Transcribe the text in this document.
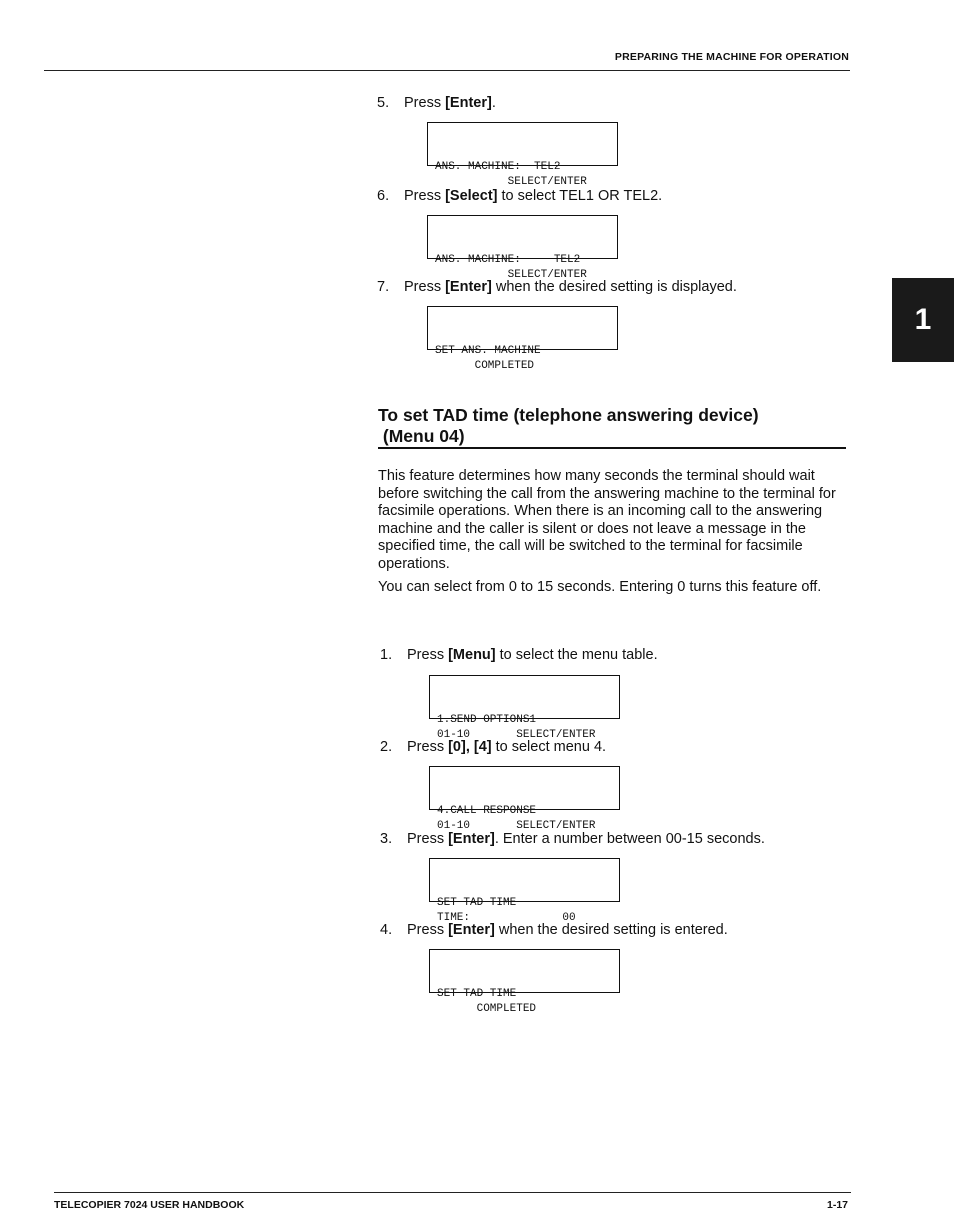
PREPARING THE MACHINE FOR OPERATION
1
5. Press [Enter].

ANS. MACHINE:  TEL2
SELECT/ENTER

6. Press [Select] to select TEL1 OR TEL2.

ANS. MACHINE:     TEL2
SELECT/ENTER

7. Press [Enter] when the desired setting is displayed.

SET ANS. MACHINE
COMPLETED

To set TAD time (telephone answering device)
(Menu 04)

This feature determines how many seconds the terminal should wait before switching the call from the answering machine to the terminal for facsimile operations. When there is an incoming call to the answering machine and the caller is silent or does not leave a message in the specified time, the call will be switched to the terminal for facsimile operations.

You can select from 0 to 15 seconds. Entering 0 turns this feature off.

1. Press [Menu] to select the menu table.

1.SEND OPTIONS1
01-10       SELECT/ENTER

2. Press [0], [4] to select menu 4.

4.CALL RESPONSE
01-10       SELECT/ENTER

3. Press [Enter]. Enter a number between 00-15 seconds.

SET TAD TIME
TIME:              00

4. Press [Enter] when the desired setting is entered.

SET TAD TIME
COMPLETED

TELECOPIER 7024 USER HANDBOOK	1-17
